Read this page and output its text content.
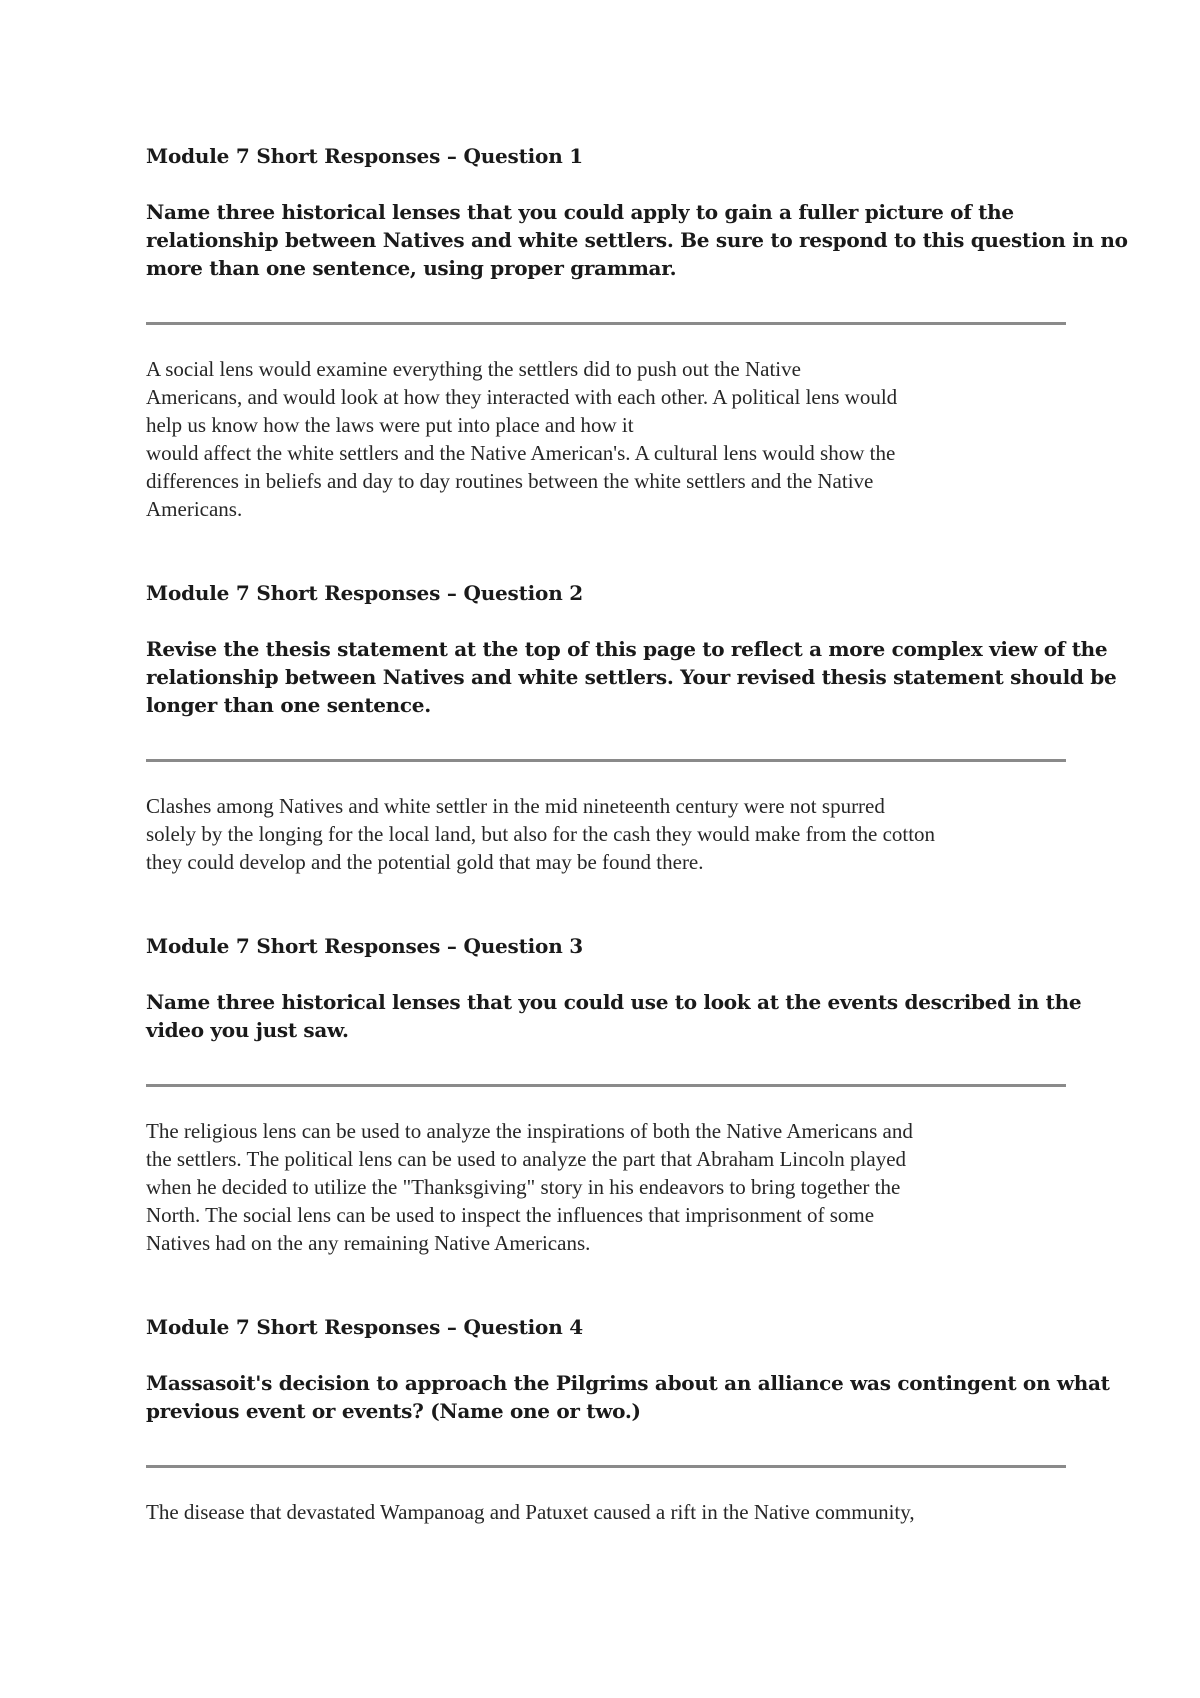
Module 7 Short Responses – Question 1
Name three historical lenses that you could apply to gain a fuller picture of the
relationship between Natives and white settlers. Be sure to respond to this question in no
more than one sentence, using proper grammar.
A social lens would examine everything the settlers did to push out the Native
Americans, and would look at how they interacted with each other. A political lens would
help us know how the laws were put into place and how it
would affect the white settlers and the Native American's. A cultural lens would show the
differences in beliefs and day to day routines between the white settlers and the Native
Americans.
Module 7 Short Responses – Question 2
Revise the thesis statement at the top of this page to reflect a more complex view of the
relationship between Natives and white settlers. Your revised thesis statement should be
longer than one sentence.
Clashes among Natives and white settler in the mid nineteenth century were not spurred
solely by the longing for the local land, but also for the cash they would make from the cotton
they could develop and the potential gold that may be found there.
Module 7 Short Responses – Question 3
Name three historical lenses that you could use to look at the events described in the
video you just saw.
The religious lens can be used to analyze the inspirations of both the Native Americans and
the settlers. The political lens can be used to analyze the part that Abraham Lincoln played
when he decided to utilize the "Thanksgiving" story in his endeavors to bring together the
North. The social lens can be used to inspect the influences that imprisonment of some
Natives had on the any remaining Native Americans.
Module 7 Short Responses – Question 4
Massasoit's decision to approach the Pilgrims about an alliance was contingent on what
previous event or events? (Name one or two.)
The disease that devastated Wampanoag and Patuxet caused a rift in the Native community,
